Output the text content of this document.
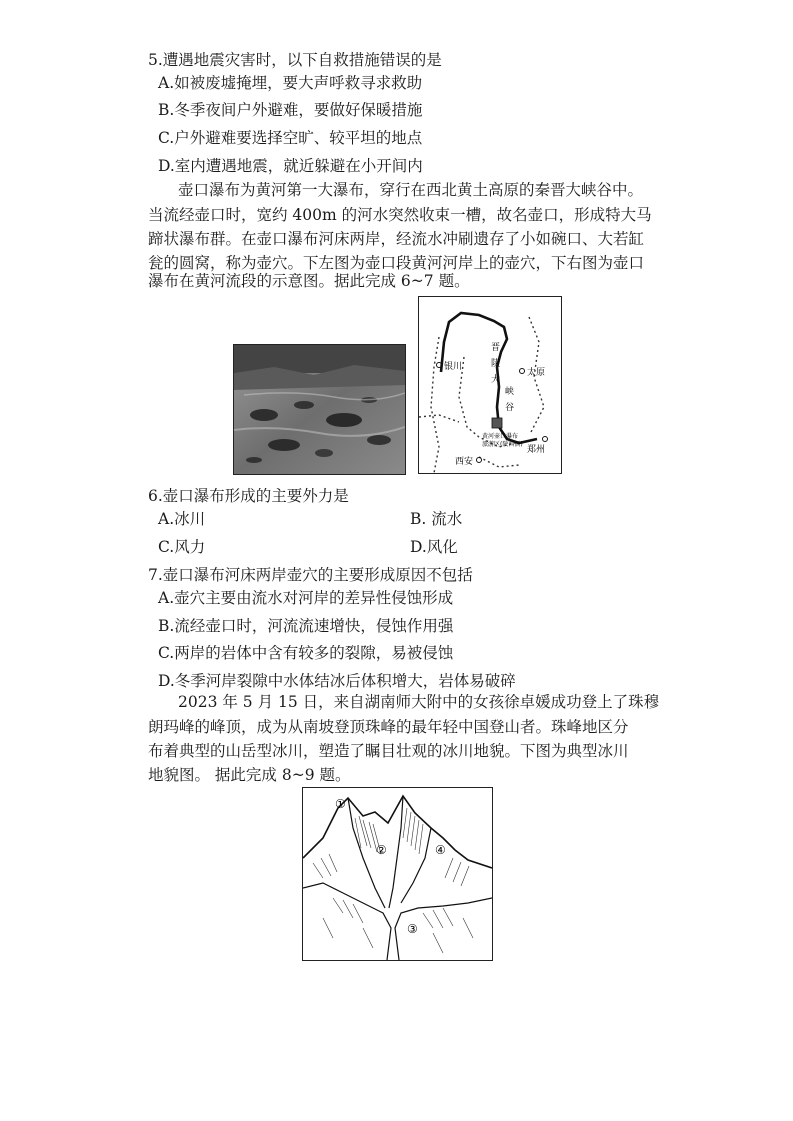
5.遭遇地震灾害时，以下自救措施错误的是
A.如被废墟掩埋，要大声呼救寻求救助
B.冬季夜间户外避难，要做好保暖措施
C.户外避难要选择空旷、较平坦的地点
D.室内遭遇地震，就近躲避在小开间内
壶口瀑布为黄河第一大瀑布，穿行在西北黄土高原的秦晋大峡谷中。
当流经壶口时，宽约 400m 的河水突然收束一槽，故名壶口，形成特大马
蹄状瀑布群。在壶口瀑布河床两岸，经流水冲刷遗存了小如碗口、大若缸
瓮的圆窝，称为壶穴。下左图为壶口段黄河河岸上的壶穴，下右图为壶口
瀑布在黄河流段的示意图。据此完成 6~7 题。
银川
太原
西安
郑州
晋
陕
大
峡
谷
黄河壶口瀑布
旅游区(陕西侧)
6.壶口瀑布形成的主要外力是
A.冰川	B. 流水
C.风力	D.风化
7.壶口瀑布河床两岸壶穴的主要形成原因不包括
A.壶穴主要由流水对河岸的差异性侵蚀形成
B.流经壶口时，河流流速增快，侵蚀作用强
C.两岸的岩体中含有较多的裂隙，易被侵蚀
D.冬季河岸裂隙中水体结冰后体积增大，岩体易破碎
2023 年 5 月 15 日，来自湖南师大附中的女孩徐卓媛成功登上了珠穆
朗玛峰的峰顶，成为从南坡登顶珠峰的最年轻中国登山者。珠峰地区分
布着典型的山岳型冰川，塑造了瞩目壮观的冰川地貌。下图为典型冰川
地貌图。 据此完成 8~9 题。
①
②
③
④
